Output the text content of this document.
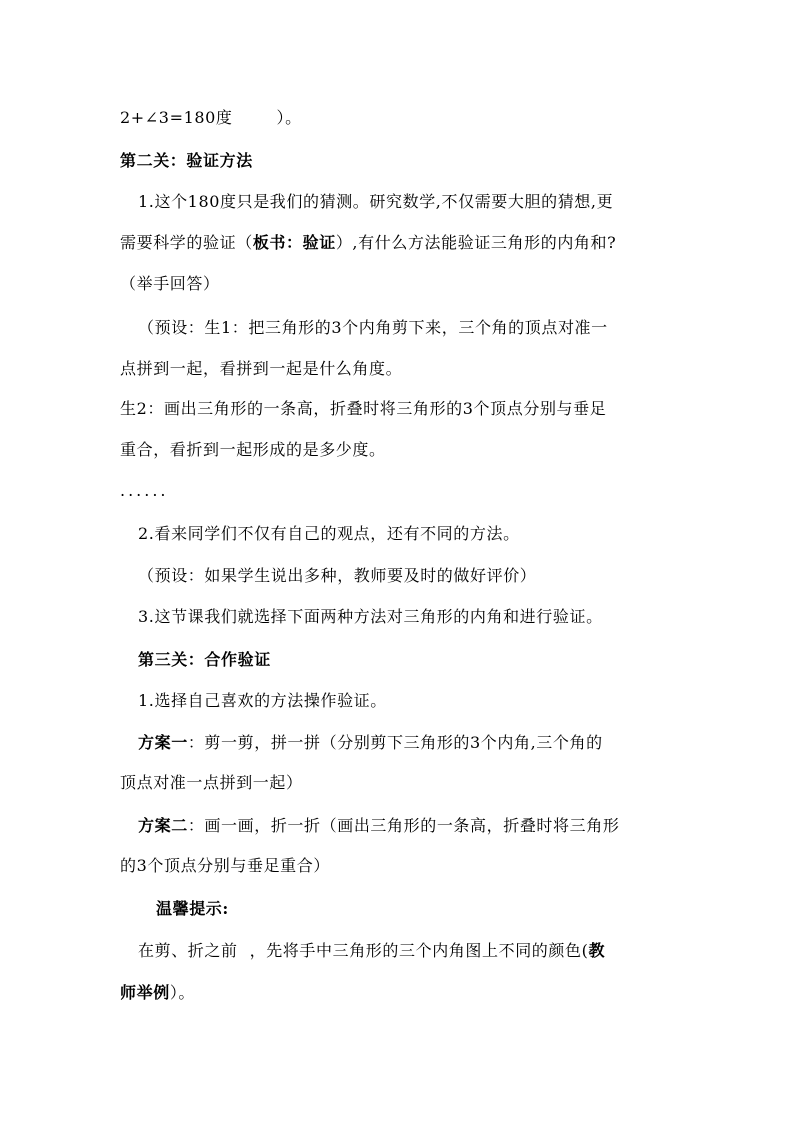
2+∠3=180度	）。
第二关：验证方法
1.这个180度只是我们的猜测。研究数学,不仅需要大胆的猜想,更
需要科学的验证（板书：验证）,有什么方法能验证三角形的内角和?
（举手回答）
（预设：生1：把三角形的3个内角剪下来，三个角的顶点对准一
点拼到一起，看拼到一起是什么角度。
生2：画出三角形的一条高，折叠时将三角形的3个顶点分别与垂足
重合，看折到一起形成的是多少度。
......
2.看来同学们不仅有自己的观点，还有不同的方法。
（预设：如果学生说出多种，教师要及时的做好评价）
3.这节课我们就选择下面两种方法对三角形的内角和进行验证。
第三关：合作验证
1.选择自己喜欢的方法操作验证。
方案一：剪一剪，拼一拼（分别剪下三角形的3个内角,三个角的
顶点对准一点拼到一起）
方案二：画一画，折一折（画出三角形的一条高，折叠时将三角形
的3个顶点分别与垂足重合）
温馨提示:
在剪、折之前 ，先将手中三角形的三个内角图上不同的颜色(教
师举例）。
